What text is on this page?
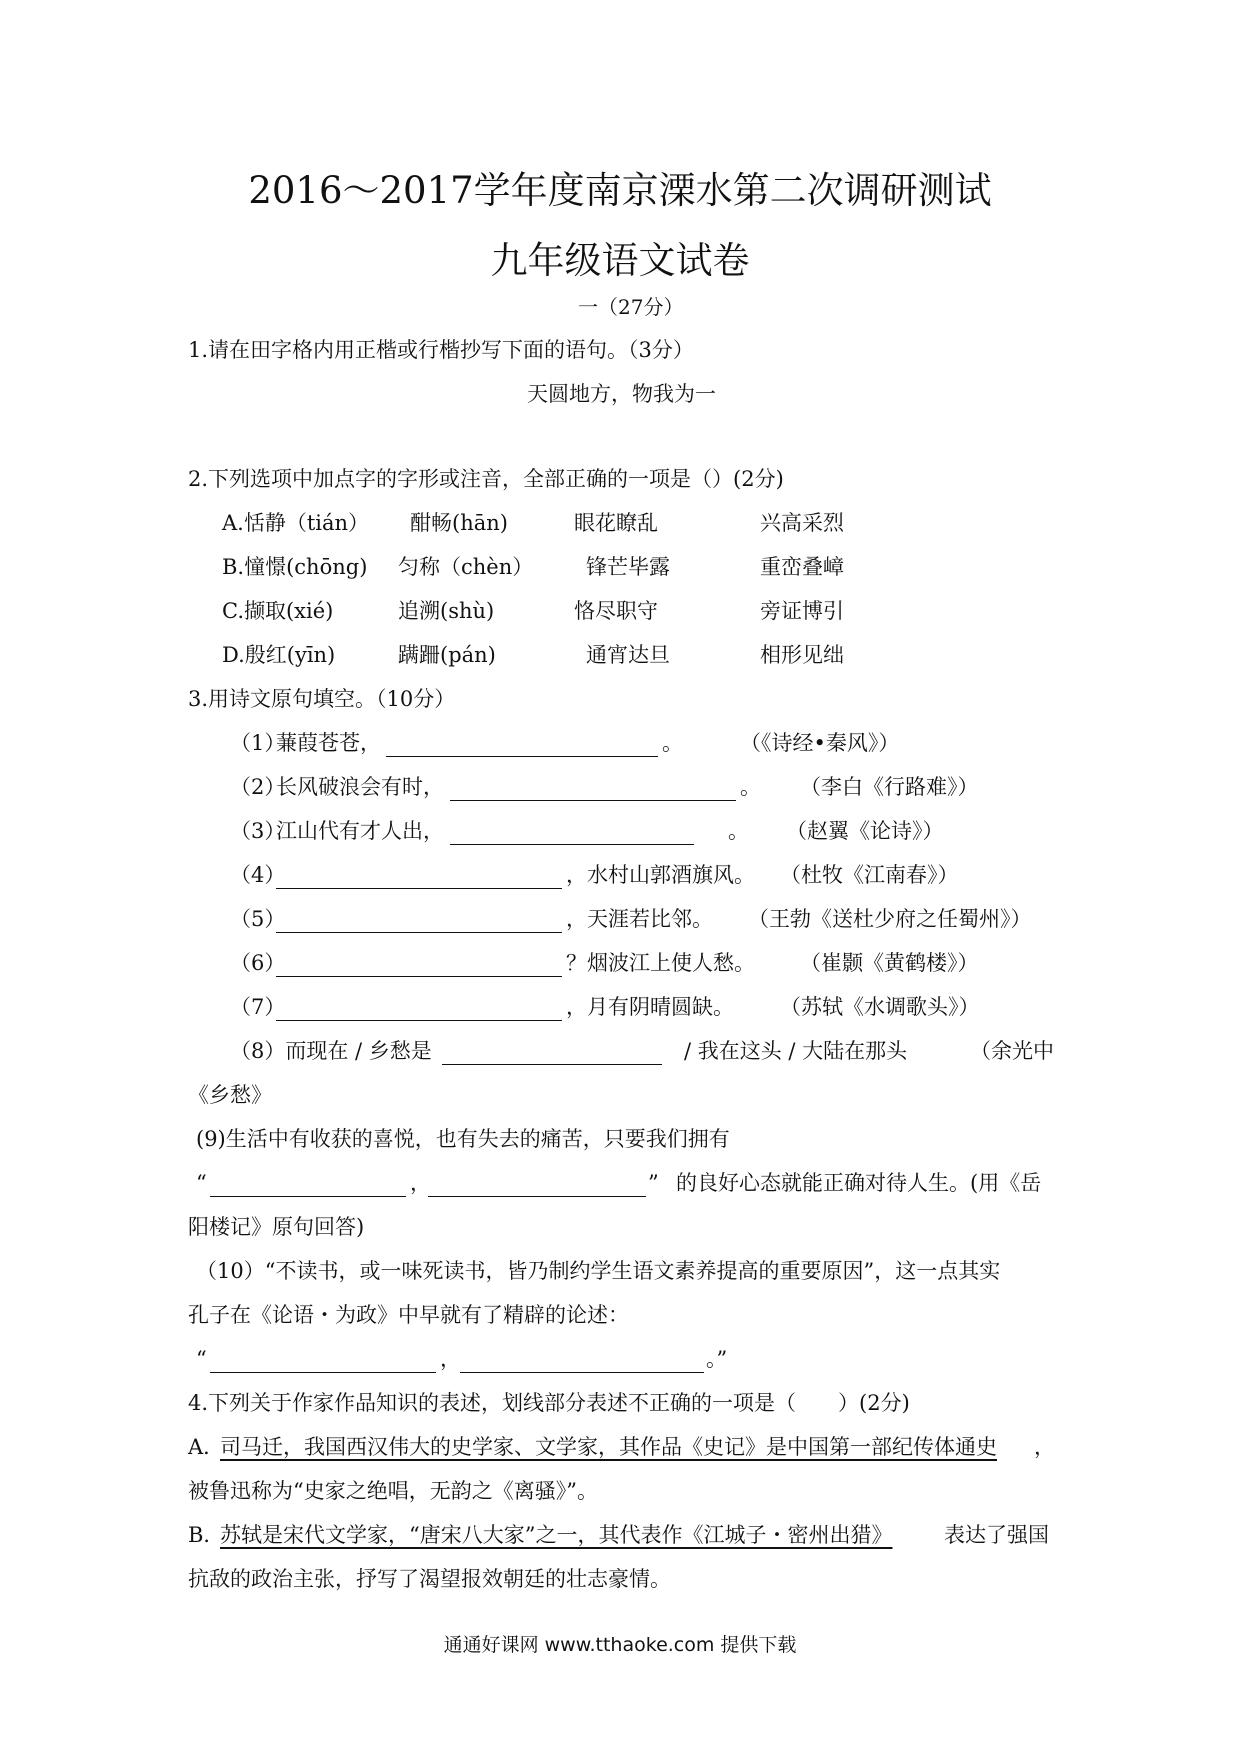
2016～2017学年度南京溧水第二次调研测试
九年级语文试卷
一（27分）
1.请在田字格内用正楷或行楷抄写下面的语句。（3分）
天圆地方，物我为一
2.下列选项中加点字的字形或注音，全部正确的一项是（）(2分)
A.恬静（tián） 酣畅(hān)	眼花瞭乱	兴高采烈
B.憧憬(chōng) 匀称（chèn）	锋芒毕露	重峦叠嶂
C.撷取(xié)	追溯(shù)	恪尽职守	旁证博引
D.殷红(yīn)	蹒跚(pán)	通宵达旦	相形见绌
3.用诗文原句填空。（10分）
（1）
蒹葭苍苍，	。	（《诗经•秦风》）
（2）
长风破浪会有时，	。 （李白《行路难》）
（3）
江山代有才人出，	。 （赵翼《论诗》）
（4）	，水村山郭酒旗风。 （杜牧《江南春》）
（5）	，天涯若比邻。 （王勃《送杜少府之任蜀州》）
（6）	？烟波江上使人愁。 （崔颢《黄鹤楼》）
（7）	，月有阴晴圆缺。 （苏轼《水调歌头》）
（8）而现在 / 乡愁是	/ 我在这头 / 大陆在那头	（余光中
《乡愁》
(9)生活中有收获的喜悦，也有失去的痛苦，只要我们拥有
“	，	” 的良好心态就能正确对待人生。(用《岳
阳楼记》原句回答)
（10）“不读书，或一味死读书，皆乃制约学生语文素养提高的重要原因”，这一点其实
孔子在《论语・为政》中早就有了精辟的论述：
“	，	。”
4.下列关于作家作品知识的表述，划线部分表述不正确的一项是（　　）(2分)
A．
司马迁，我国西汉伟大的史学家、文学家，其作品《史记》是中国第一部纪传体通史 ，
被鲁迅称为“史家之绝唱，无韵之《离骚》”。
B．
苏轼是宋代文学家，“唐宋八大家”之一，其代表作《江城子・密州出猎》 表达了强国
抗敌的政治主张，抒写了渴望报效朝廷的壮志豪情。
通通好课网 www.tthaoke.com 提供下载
